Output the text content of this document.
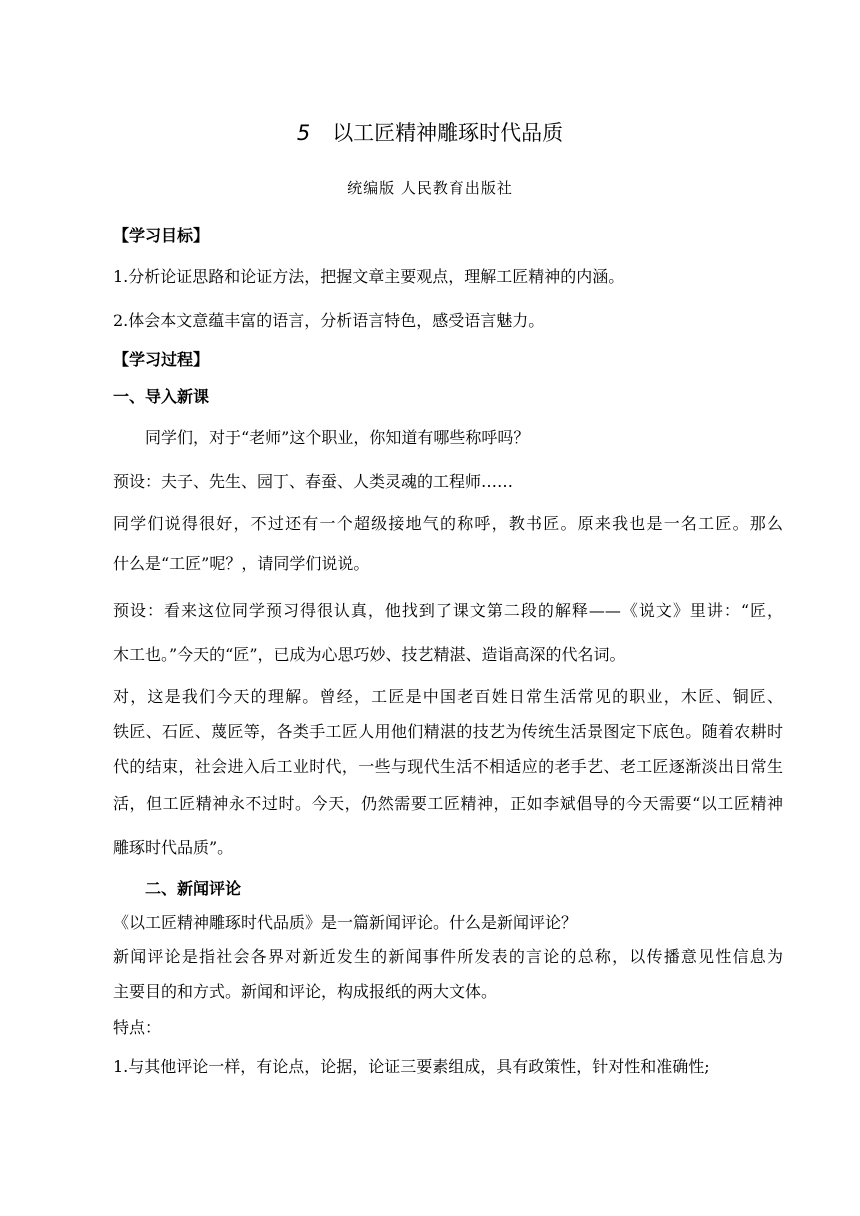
5 以工匠精神雕琢时代品质
统编版 人民教育出版社
【学习目标】
1.分析论证思路和论证方法，把握文章主要观点，理解工匠精神的内涵。
2.体会本文意蕴丰富的语言，分析语言特色，感受语言魅力。
【学习过程】
一、导入新课
同学们，对于“老师”这个职业，你知道有哪些称呼吗？
预设：夫子、先生、园丁、春蚕、人类灵魂的工程师……
同学们说得很好，不过还有一个超级接地气的称呼，教书匠。原来我也是一名工匠。那么
什么是“工匠”呢？，请同学们说说。
预设：看来这位同学预习得很认真，他找到了课文第二段的解释——《说文》里讲：“匠，
木工也。”今天的“匠”，已成为心思巧妙、技艺精湛、造诣高深的代名词。
对，这是我们今天的理解。曾经，工匠是中国老百姓日常生活常见的职业，木匠、铜匠、
铁匠、石匠、蔑匠等，各类手工匠人用他们精湛的技艺为传统生活景图定下底色。随着农耕时
代的结束，社会进入后工业时代，一些与现代生活不相适应的老手艺、老工匠逐渐淡出日常生
活，但工匠精神永不过时。今天，仍然需要工匠精神，正如李斌倡导的今天需要“以工匠精神
雕琢时代品质”。
二、新闻评论
《以工匠精神雕琢时代品质》是一篇新闻评论。什么是新闻评论？
新闻评论是指社会各界对新近发生的新闻事件所发表的言论的总称，以传播意见性信息为
主要目的和方式。新闻和评论，构成报纸的两大文体。
特点：
1.与其他评论一样，有论点，论据，论证三要素组成，具有政策性，针对性和准确性;
